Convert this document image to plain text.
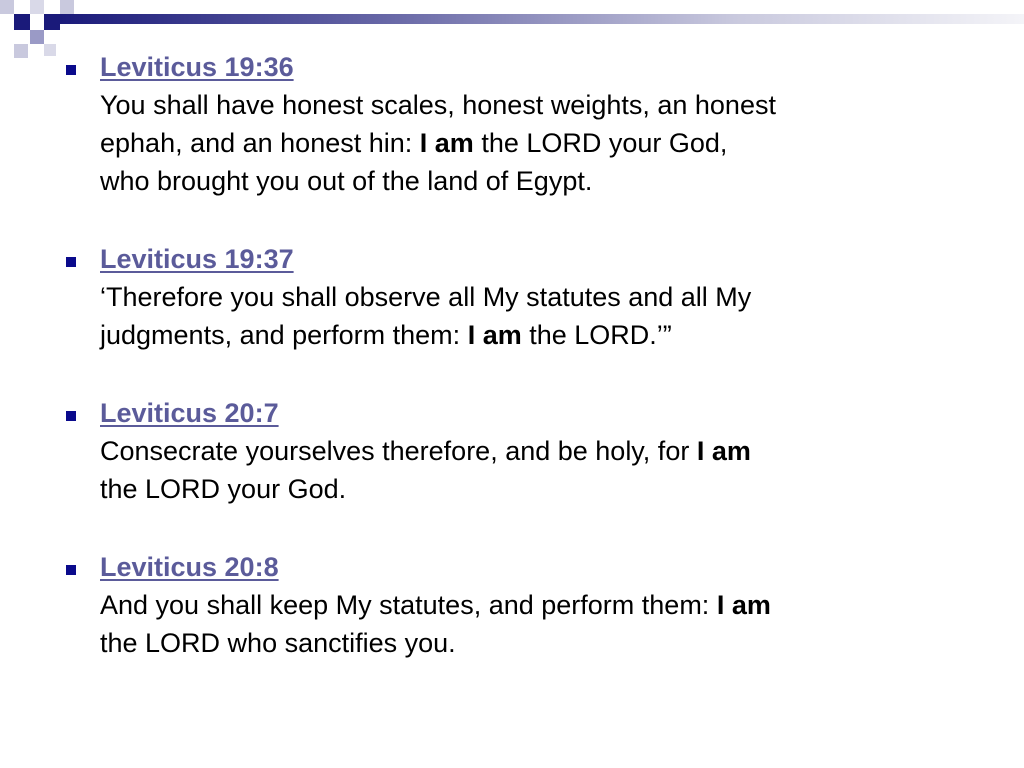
Leviticus 19:36

You shall have honest scales, honest weights, an honest
ephah, and an honest hin: I am the LORD your God,
who brought you out of the land of Egypt.

Leviticus 19:37

‘Therefore you shall observe all My statutes and all My
judgments, and perform them: I am the LORD.’”

Leviticus 20:7

Consecrate yourselves therefore, and be holy, for I am
the LORD your God.

Leviticus 20:8

And you shall keep My statutes, and perform them: I am
the LORD who sanctifies you.
